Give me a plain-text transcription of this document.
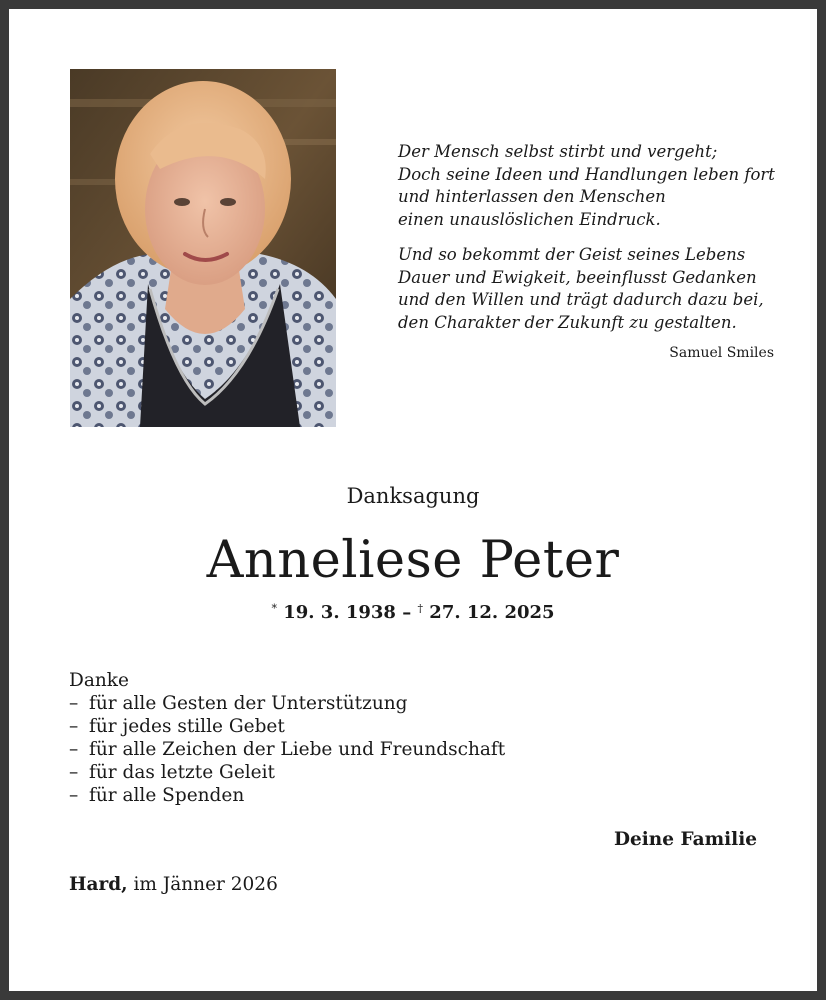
Der Mensch selbst stirbt und vergeht;
Doch seine Ideen und Handlungen leben fort
und hinterlassen den Menschen
einen unauslöslichen Eindruck.

Und so bekommt der Geist seines Lebens
Dauer und Ewigkeit, beeinflusst Gedanken
und den Willen und trägt dadurch dazu bei,
den Charakter der Zukunft zu gestalten.

Samuel Smiles
Danksagung
Anneliese Peter
* 19. 3. 1938 – † 27. 12. 2025
Danke
– für alle Gesten der Unterstützung
– für jedes stille Gebet
– für alle Zeichen der Liebe und Freundschaft
– für das letzte Geleit
– für alle Spenden
Deine Familie
Hard, im Jänner 2026
